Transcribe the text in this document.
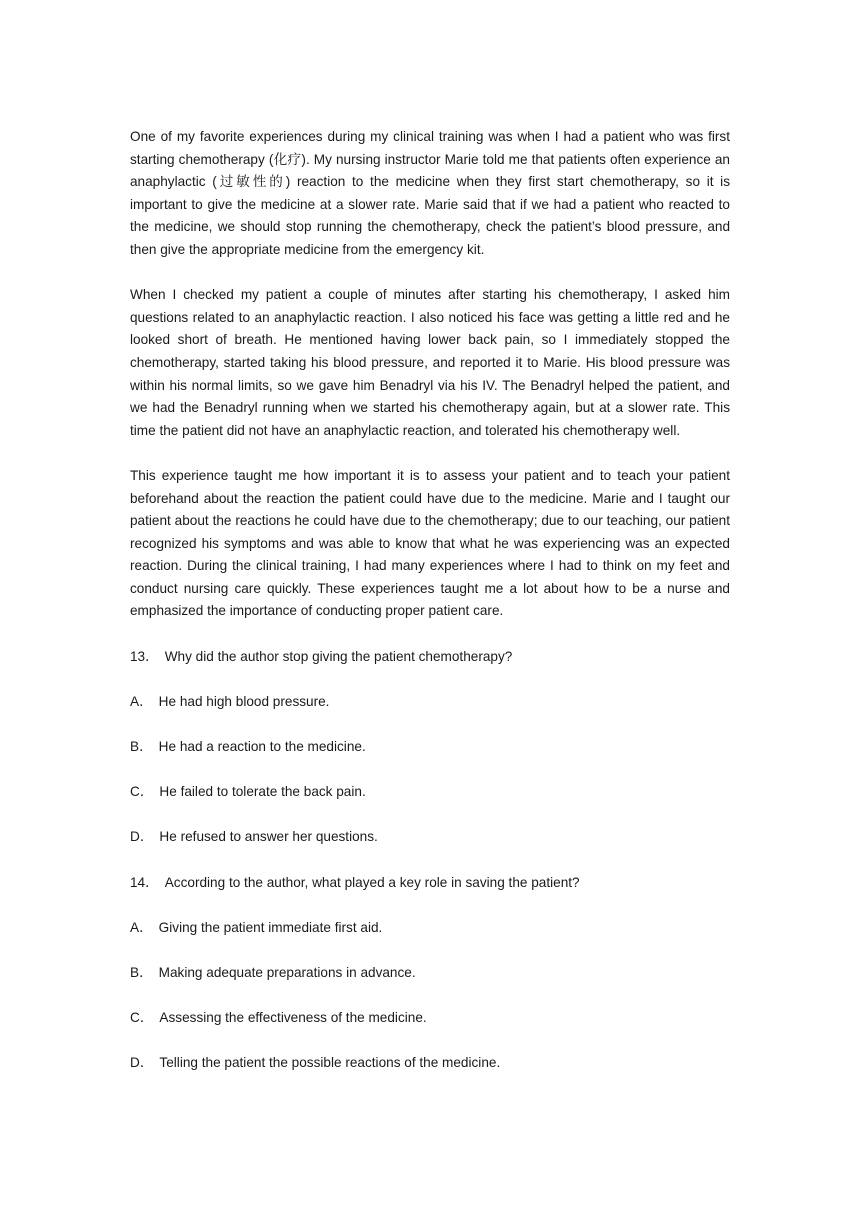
One of my favorite experiences during my clinical training was when I had a patient who was first starting chemotherapy (化疗). My nursing instructor Marie told me that patients often experience an anaphylactic (过敏性的) reaction to the medicine when they first start chemotherapy, so it is important to give the medicine at a slower rate. Marie said that if we had a patient who reacted to the medicine, we should stop running the chemotherapy, check the patient’s blood pressure, and then give the appropriate medicine from the emergency kit.

When I checked my patient a couple of minutes after starting his chemotherapy, I asked him questions related to an anaphylactic reaction. I also noticed his face was getting a little red and he looked short of breath. He mentioned having lower back pain, so I immediately stopped the chemotherapy, started taking his blood pressure, and reported it to Marie. His blood pressure was within his normal limits, so we gave him Benadryl via his IV. The Benadryl helped the patient, and we had the Benadryl running when we started his chemotherapy again, but at a slower rate. This time the patient did not have an anaphylactic reaction, and tolerated his chemotherapy well.

This experience taught me how important it is to assess your patient and to teach your patient beforehand about the reaction the patient could have due to the medicine. Marie and I taught our patient about the reactions he could have due to the chemotherapy; due to our teaching, our patient recognized his symptoms and was able to know that what he was experiencing was an expected reaction. During the clinical training, I had many experiences where I had to think on my feet and conduct nursing care quickly. These experiences taught me a lot about how to be a nurse and emphasized the importance of conducting proper patient care.

13． Why did the author stop giving the patient chemotherapy?

A． He had high blood pressure.

B． He had a reaction to the medicine.

C． He failed to tolerate the back pain.

D． He refused to answer her questions.

14． According to the author, what played a key role in saving the patient?

A． Giving the patient immediate first aid.

B． Making adequate preparations in advance.

C． Assessing the effectiveness of the medicine.

D． Telling the patient the possible reactions of the medicine.
